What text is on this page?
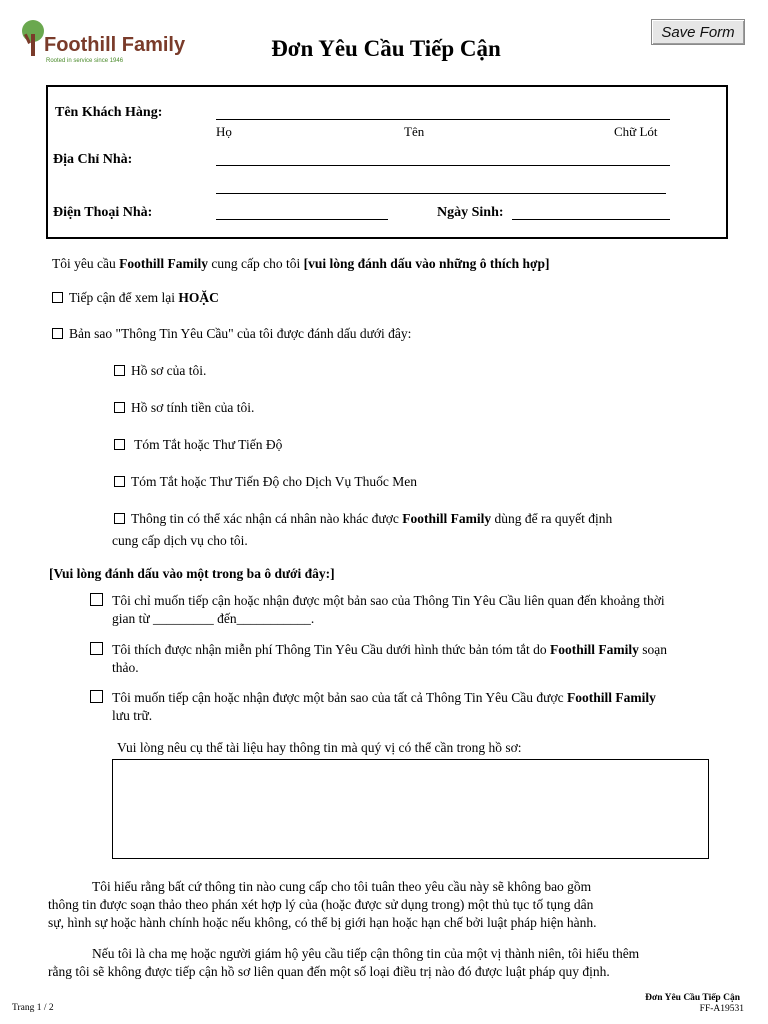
Foothill Family
Rooted in service since 1946	Đơn Yêu Cầu Tiếp Cận
Save Form
Tên Khách Hàng:
Họ	Tên	Chữ Lót
Địa Chỉ Nhà:
Điện Thoại Nhà:	Ngày Sinh:
Tôi yêu cầu Foothill Family cung cấp cho tôi [vui lòng đánh dấu vào những ô thích hợp]
Tiếp cận để xem lại HOẶC
Bản sao "Thông Tin Yêu Cầu" của tôi được đánh dấu dưới đây:
Hồ sơ của tôi.
Hồ sơ tính tiền của tôi.
Tóm Tắt hoặc Thư Tiến Độ
Tóm Tắt hoặc Thư Tiến Độ cho Dịch Vụ Thuốc Men
Thông tin có thể xác nhận cá nhân nào khác được Foothill Family dùng để ra quyết định
cung cấp dịch vụ cho tôi.
[Vui lòng đánh dấu vào một trong ba ô dưới đây:]
Tôi chỉ muốn tiếp cận hoặc nhận được một bản sao của Thông Tin Yêu Cầu liên quan đến khoảng thời
gian từ _________ đến___________.
Tôi thích được nhận miễn phí Thông Tin Yêu Cầu dưới hình thức bản tóm tắt do Foothill Family soạn
thảo.
Tôi muốn tiếp cận hoặc nhận được một bản sao của tất cả Thông Tin Yêu Cầu được Foothill Family
lưu trữ.
Vui lòng nêu cụ thể tài liệu hay thông tin mà quý vị có thể cần trong hồ sơ:
Tôi hiểu rằng bất cứ thông tin nào cung cấp cho tôi tuân theo yêu cầu này sẽ không bao gồm
thông tin được soạn thảo theo phán xét hợp lý của (hoặc được sử dụng trong) một thủ tục tố tụng dân
sự, hình sự hoặc hành chính hoặc nếu không, có thể bị giới hạn hoặc hạn chế bởi luật pháp hiện hành.
Nếu tôi là cha mẹ hoặc người giám hộ yêu cầu tiếp cận thông tin của một vị thành niên, tôi hiểu thêm
rằng tôi sẽ không được tiếp cận hồ sơ liên quan đến một số loại điều trị nào đó được luật pháp quy định.
Trang 1 / 2
Đơn Yêu Cầu Tiếp Cận
FF-A19531
